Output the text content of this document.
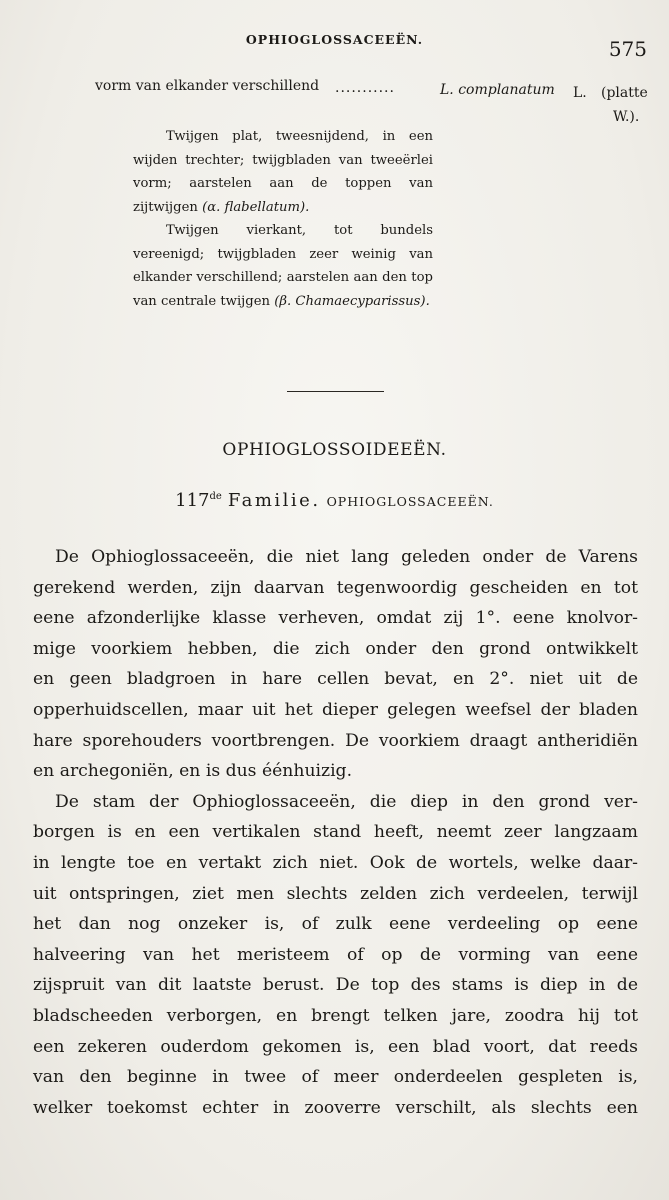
OPHIOGLOSSACEEËN.	575
vorm van elkander verschillend ...........	L. complanatum L. (platte
W.).

Twijgen plat, tweesnijdend, in een wijden trechter; twijgbladen van tweeërlei vorm; aarstelen aan de toppen van zijtwijgen (α. flabellatum).

Twijgen vierkant, tot bundels vereenigd; twijgbladen zeer weinig van elkander verschillend; aarstelen aan den top van centrale twijgen (β. Chamaecyparissus).

OPHIOGLOSSOIDEEËN.
117de Familie. OPHIOGLOSSACEEËN.
De Ophioglossaceeën, die niet lang geleden onder de Varens
gerekend werden, zijn daarvan tegenwoordig gescheiden en tot
eene afzonderlijke klasse verheven, omdat zij 1°. eene knolvor-
mige voorkiem hebben, die zich onder den grond ontwikkelt
en geen bladgroen in hare cellen bevat, en 2°. niet uit de
opperhuidscellen, maar uit het dieper gelegen weefsel der bladen
hare sporehouders voortbrengen. De voorkiem draagt antheridiën
en archegoniën, en is dus éénhuizig.
De stam der Ophioglossaceeën, die diep in den grond ver-
borgen is en een vertikalen stand heeft, neemt zeer langzaam
in lengte toe en vertakt zich niet. Ook de wortels, welke daar-
uit ontspringen, ziet men slechts zelden zich verdeelen, terwijl
het dan nog onzeker is, of zulk eene verdeeling op eene
halveering van het meristeem of op de vorming van eene
zijspruit van dit laatste berust. De top des stams is diep in de
bladscheeden verborgen, en brengt telken jare, zoodra hij tot
een zekeren ouderdom gekomen is, een blad voort, dat reeds
van den beginne in twee of meer onderdeelen gespleten is,
welker toekomst echter in zooverre verschilt, als slechts een
